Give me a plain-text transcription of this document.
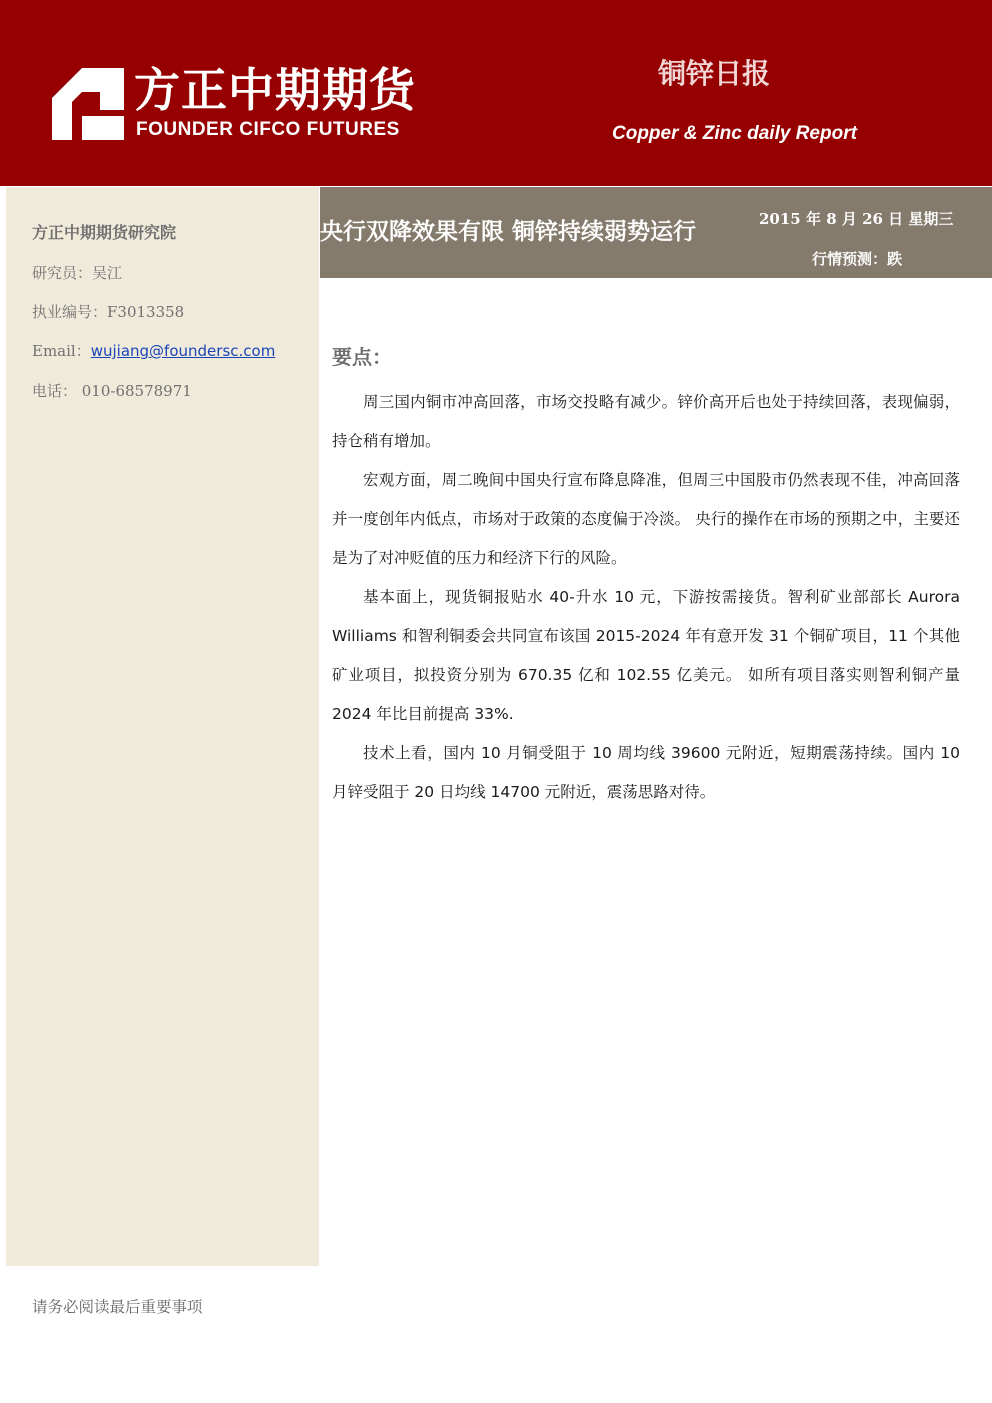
方正中期期货
FOUNDER CIFCO FUTURES
铜锌日报
Copper & Zinc daily Report
方正中期期货研究院
研究员：吴江
执业编号：F3013358
Email：wujiang@foundersc.com
电话： 010-68578971
央行双降效果有限 铜锌持续弱势运行	2015 年 8 月 26 日 星期三
行情预测：跌
要点：

周三国内铜市冲高回落，市场交投略有减少。锌价高开后也处于持续回落，表现偏弱，持仓稍有增加。

宏观方面，周二晚间中国央行宣布降息降准，但周三中国股市仍然表现不佳，冲高回落并一度创年内低点，市场对于政策的态度偏于冷淡。 央行的操作在市场的预期之中，主要还是为了对冲贬值的压力和经济下行的风险。

基本面上，现货铜报贴水 40-升水 10 元，下游按需接货。智利矿业部部长 Aurora Williams 和智利铜委会共同宣布该国 2015-2024 年有意开发 31 个铜矿项目，11 个其他矿业项目，拟投资分别为 670.35 亿和 102.55 亿美元。 如所有项目落实则智利铜产量 2024 年比目前提高 33%.

技术上看，国内 10 月铜受阻于 10 周均线 39600 元附近，短期震荡持续。国内 10 月锌受阻于 20 日均线 14700 元附近，震荡思路对待。

请务必阅读最后重要事项
